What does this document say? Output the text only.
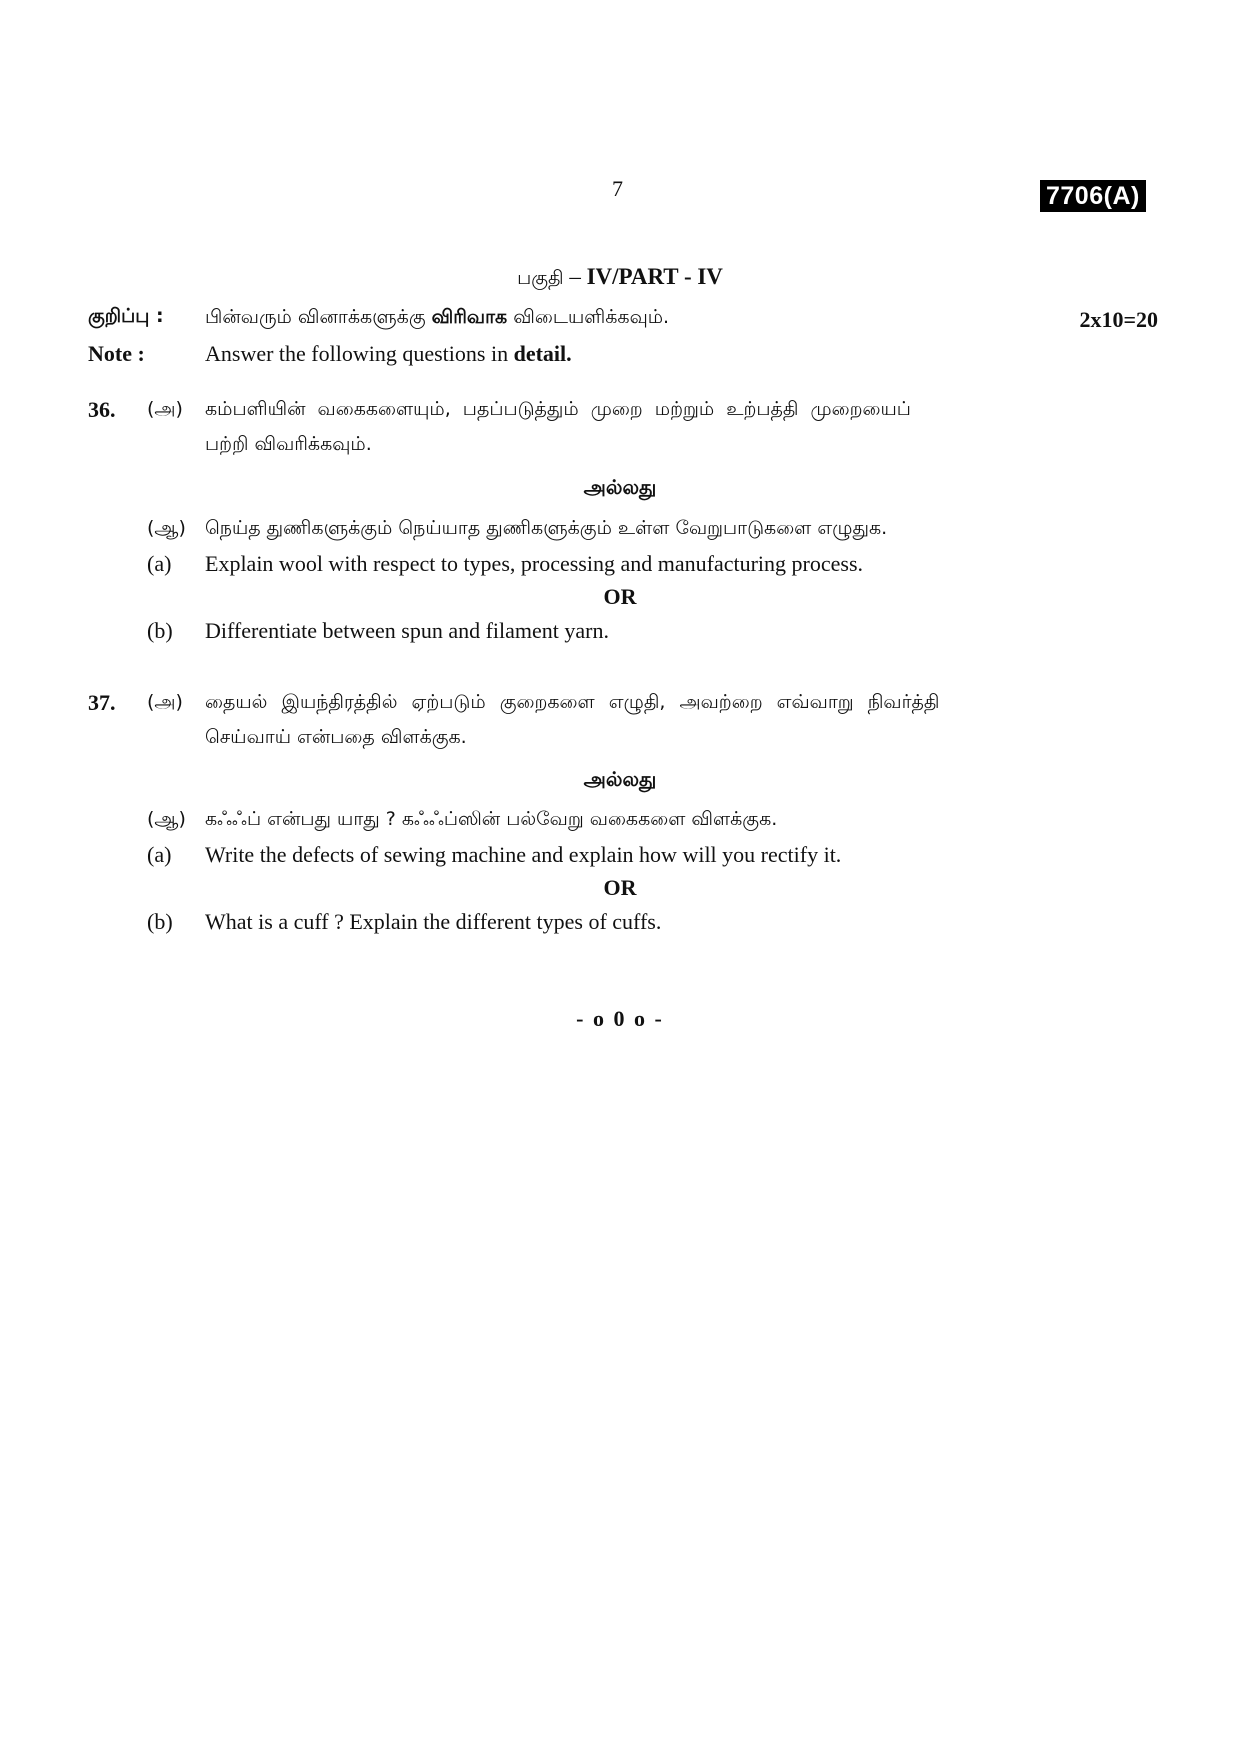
7	7706(A)
பகுதி – IV/PART - IV
குறிப்பு : பின்வரும் வினாக்களுக்கு விரிவாக விடையளிக்கவும்.	2x10=20
Note :	Answer the following questions in detail.
36. (அ) கம்பளியின் வகைகளையும், பதப்படுத்தும் முறை மற்றும் உற்பத்தி முறையைப்
பற்றி விவரிக்கவும்.
அல்லது
(ஆ) நெய்த துணிகளுக்கும் நெய்யாத துணிகளுக்கும் உள்ள வேறுபாடுகளை எழுதுக.
(a) Explain wool with respect to types, processing and manufacturing process.
OR
(b) Differentiate between spun and filament yarn.
37. (அ) தையல் இயந்திரத்தில் ஏற்படும் குறைகளை எழுதி, அவற்றை எவ்வாறு நிவர்த்தி
செய்வாய் என்பதை விளக்குக.
அல்லது
(ஆ) கஃஃப் என்பது யாது ? கஃஃப்ஸின் பல்வேறு வகைகளை விளக்குக.
(a) Write the defects of sewing machine and explain how will you rectify it.
OR
(b) What is a cuff ? Explain the different types of cuffs.
- o 0 o -
